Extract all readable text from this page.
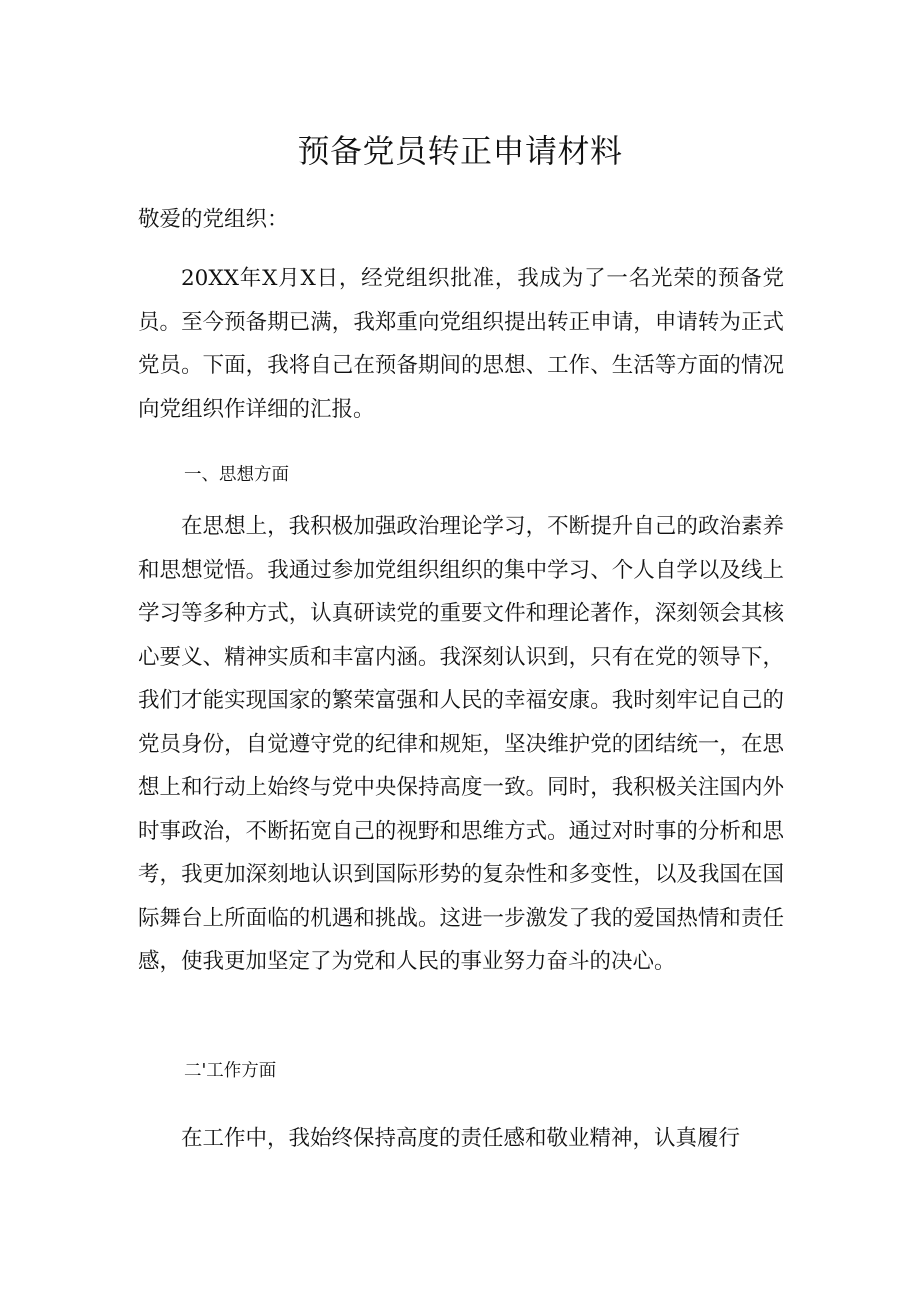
预备党员转正申请材料
敬爱的党组织：

20XX年X月X日，经党组织批准，我成为了一名光荣的预备党员。至今预备期已满，我郑重向党组织提出转正申请，申请转为正式党员。下面，我将自己在预备期间的思想、工作、生活等方面的情况向党组织作详细的汇报。

一、思想方面

在思想上，我积极加强政治理论学习，不断提升自己的政治素养和思想觉悟。我通过参加党组织组织的集中学习、个人自学以及线上学习等多种方式，认真研读党的重要文件和理论著作，深刻领会其核心要义、精神实质和丰富内涵。我深刻认识到，只有在党的领导下，我们才能实现国家的繁荣富强和人民的幸福安康。我时刻牢记自己的党员身份，自觉遵守党的纪律和规矩，坚决维护党的团结统一，在思想上和行动上始终与党中央保持高度一致。同时，我积极关注国内外时事政治，不断拓宽自己的视野和思维方式。通过对时事的分析和思考，我更加深刻地认识到国际形势的复杂性和多变性，以及我国在国际舞台上所面临的机遇和挑战。这进一步激发了我的爱国热情和责任感，使我更加坚定了为党和人民的事业努力奋斗的决心。

二'工作方面

在工作中，我始终保持高度的责任感和敬业精神，认真履行
